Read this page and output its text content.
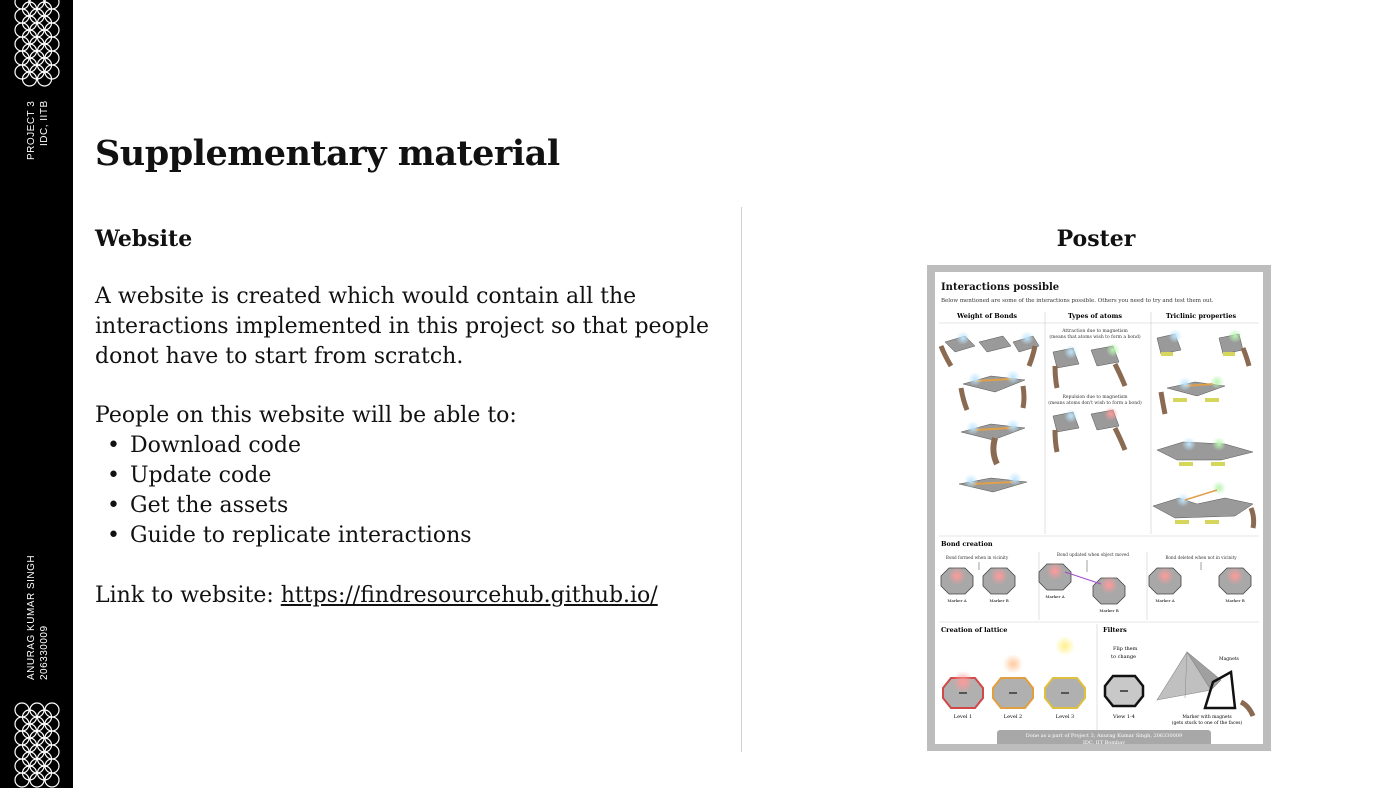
PROJECT 3 IDC, IITB
ANURAG KUMAR SINGH 206330009
Supplementary material
Website

A website is created which would contain all the interactions implemented in this project so that people donot have to start from scratch.

People on this website will be able to:

• Download code
• Update code
• Get the assets
• Guide to replicate interactions
Link to website: https://findresourcehub.github.io/
Poster
Interactions possible
Below mentioned are some of the interactions possible. Others you need to try and test them out.
Weight of Bonds	Types of atoms	Triclinic properties
Attraction due to magnetism
(means that atoms wish to form a bond)
Repulsion due to magnetism
(means atoms don't wish to form a bond)
Bond creation
Bond formed when in vicinity
Bond updated when object moved
Bond deleted when not in vicinity
Marker A	Marker B
Marker A
Marker B
Marker A	Marker B
Creation of lattice	Filters
Level 1	Level 2	Level 3
Flip them
to change
View 1-4
Magnets
Marker with magnets
(gets stuck to one of the faces)
Done as a part of Project 3, Anurag Kumar Singh, 206330009
IDC, IIT Bombay
